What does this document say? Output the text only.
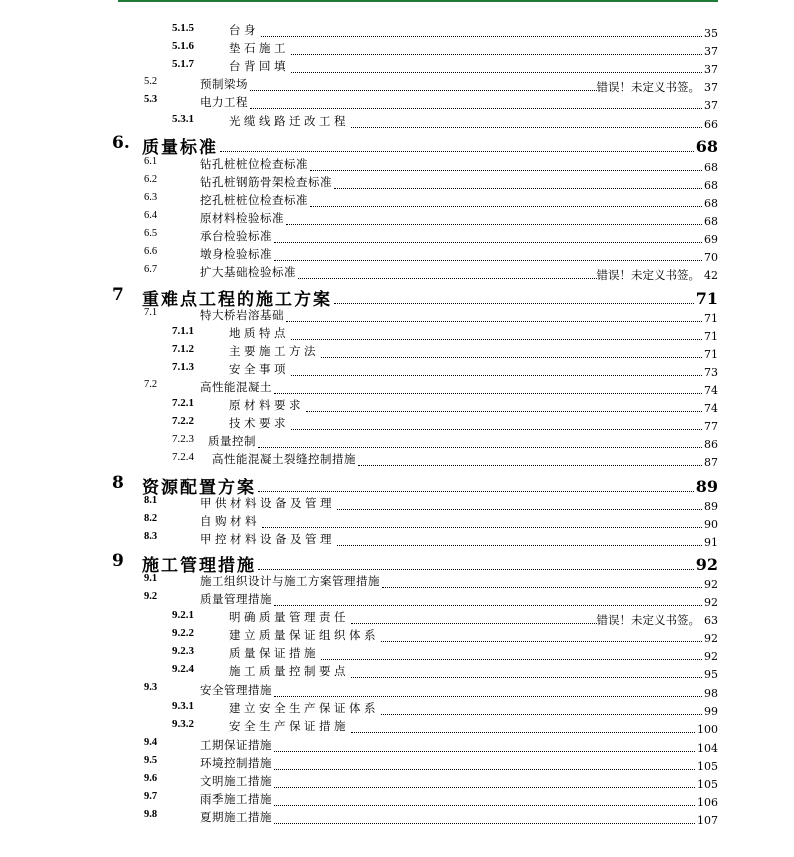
5.1.5	台身	35
5.1.6	垫石施工	37
5.1.7	台背回填	37
5.2	预制梁场	错误！未定义书签。 37
5.3	电力工程	37
5.3.1	光缆线路迁改工程	66
6. 质量标准	68
6.1	钻孔桩桩位检查标准	68
6.2	钻孔桩钢筋骨架检查标准	68
6.3	挖孔桩桩位检查标准	68
6.4	原材料检验标准	68
6.5	承台检验标准	69
6.6	墩身检验标准	70
6.7	扩大基础检验标准	错误！未定义书签。 42
7 重难点工程的施工方案	71
7.1	特大桥岩溶基础	71
7.1.1	地质特点	71
7.1.2	主要施工方法	71
7.1.3	安全事项	73
7.2	高性能混凝土	74
7.2.1	原材料要求	74
7.2.2	技术要求	77
7.2.3 质量控制	86
7.2.4 高性能混凝土裂缝控制措施	87
8 资源配置方案	89
8.1	甲供材料设备及管理	89
8.2	自购材料	90
8.3	甲控材料设备及管理	91
9 施工管理措施	92
9.1	施工组织设计与施工方案管理措施	92
9.2	质量管理措施	92
9.2.1	明确质量管理责任	错误！未定义书签。 63
9.2.2	建立质量保证组织体系	92
9.2.3	质量保证措施	92
9.2.4	施工质量控制要点	95
9.3	安全管理措施	98
9.3.1	建立安全生产保证体系	99
9.3.2	安全生产保证措施	100
9.4	工期保证措施	104
9.5	环境控制措施	105
9.6	文明施工措施	105
9.7	雨季施工措施	106
9.8	夏期施工措施	107
